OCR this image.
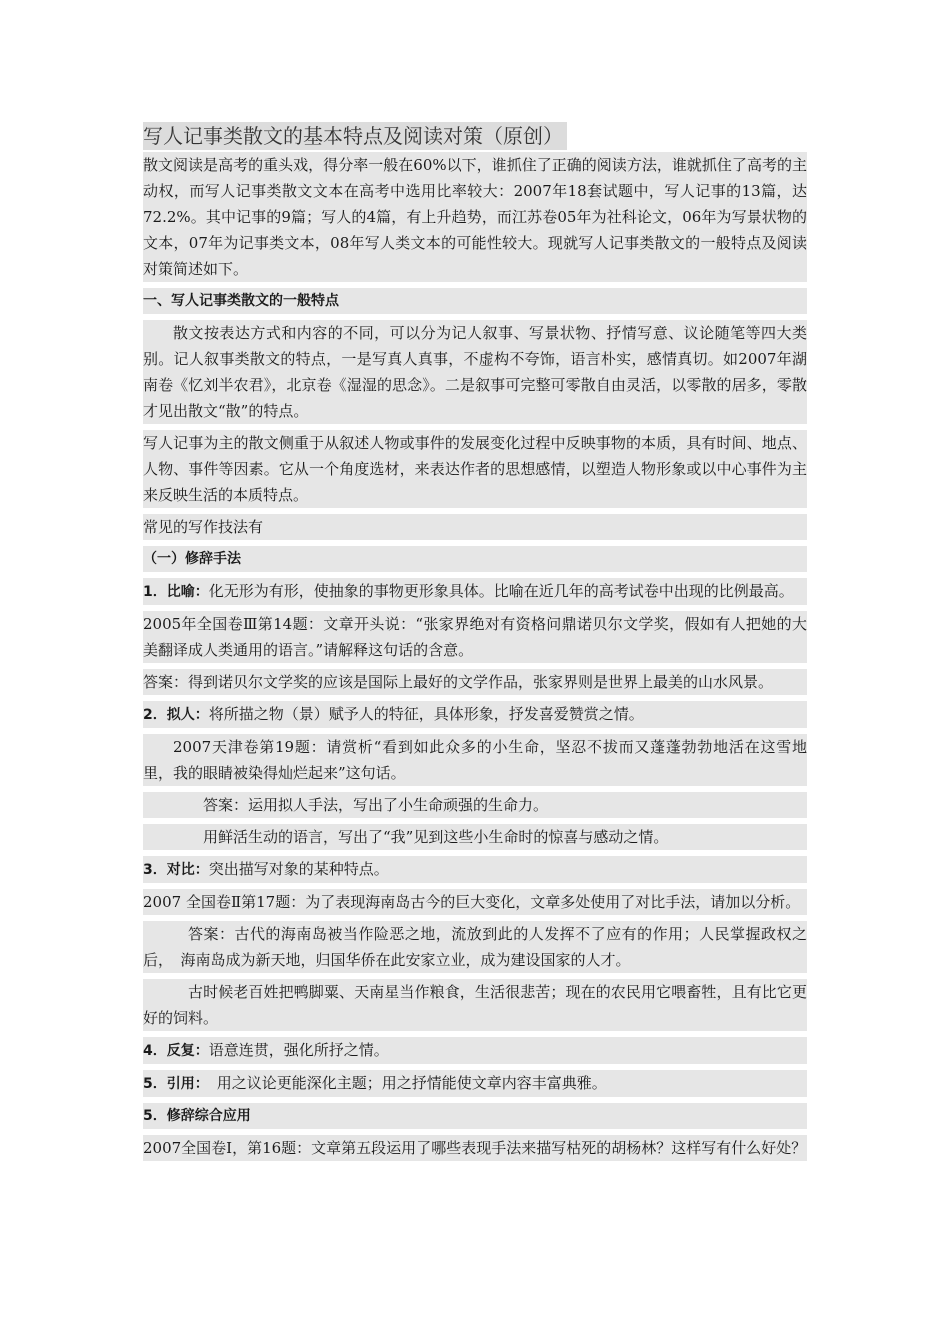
写人记事类散文的基本特点及阅读对策（原创）
散文阅读是高考的重头戏，得分率一般在60%以下，谁抓住了正确的阅读方法，谁就抓住了高考的主动权，而写人记事类散文文本在高考中选用比率较大：2007年18套试题中，写人记事的13篇，达72.2%。其中记事的9篇；写人的4篇，有上升趋势，而江苏卷05年为社科论文，06年为写景状物的文本，07年为记事类文本，08年写人类文本的可能性较大。现就写人记事类散文的一般特点及阅读对策简述如下。
一、写人记事类散文的一般特点
散文按表达方式和内容的不同，可以分为记人叙事、写景状物、抒情写意、议论随笔等四大类别。记人叙事类散文的特点，一是写真人真事，不虚构不夸饰，语言朴实，感情真切。如2007年湖南卷《忆刘半农君》，北京卷《湿湿的思念》。二是叙事可完整可零散自由灵活，以零散的居多，零散才见出散文“散”的特点。
写人记事为主的散文侧重于从叙述人物或事件的发展变化过程中反映事物的本质，具有时间、地点、人物、事件等因素。它从一个角度选材，来表达作者的思想感情，以塑造人物形象或以中心事件为主来反映生活的本质特点。
常见的写作技法有
（一）修辞手法
1．比喻：化无形为有形，使抽象的事物更形象具体。比喻在近几年的高考试卷中出现的比例最高。
2005年全国卷Ⅲ第14题：文章开头说：“张家界绝对有资格问鼎诺贝尔文学奖，假如有人把她的大美翻译成人类通用的语言。”请解释这句话的含意。
答案：得到诺贝尔文学奖的应该是国际上最好的文学作品，张家界则是世界上最美的山水风景。
2．拟人：将所描之物（景）赋予人的特征，具体形象，抒发喜爱赞赏之情。
2007天津卷第19题：请赏析“看到如此众多的小生命，坚忍不拔而又蓬蓬勃勃地活在这雪地里，我的眼睛被染得灿烂起来”这句话。
答案：运用拟人手法，写出了小生命顽强的生命力。
用鲜活生动的语言，写出了“我”见到这些小生命时的惊喜与感动之情。
3．对比：突出描写对象的某种特点。
2007 全国卷Ⅱ第17题：为了表现海南岛古今的巨大变化，文章多处使用了对比手法，请加以分析。
答案：古代的海南岛被当作险恶之地，流放到此的人发挥不了应有的作用；人民掌握政权之后，　海南岛成为新天地，归国华侨在此安家立业，成为建设国家的人才。
古时候老百姓把鸭脚粟、天南星当作粮食，生活很悲苦；现在的农民用它喂畜牲，且有比它更好的饲料。
4．反复：语意连贯，强化所抒之情。
5．引用：　用之议论更能深化主题；用之抒情能使文章内容丰富典雅。
5．修辞综合应用
2007全国卷Ⅰ，第16题：文章第五段运用了哪些表现手法来描写枯死的胡杨林？这样写有什么好处？
